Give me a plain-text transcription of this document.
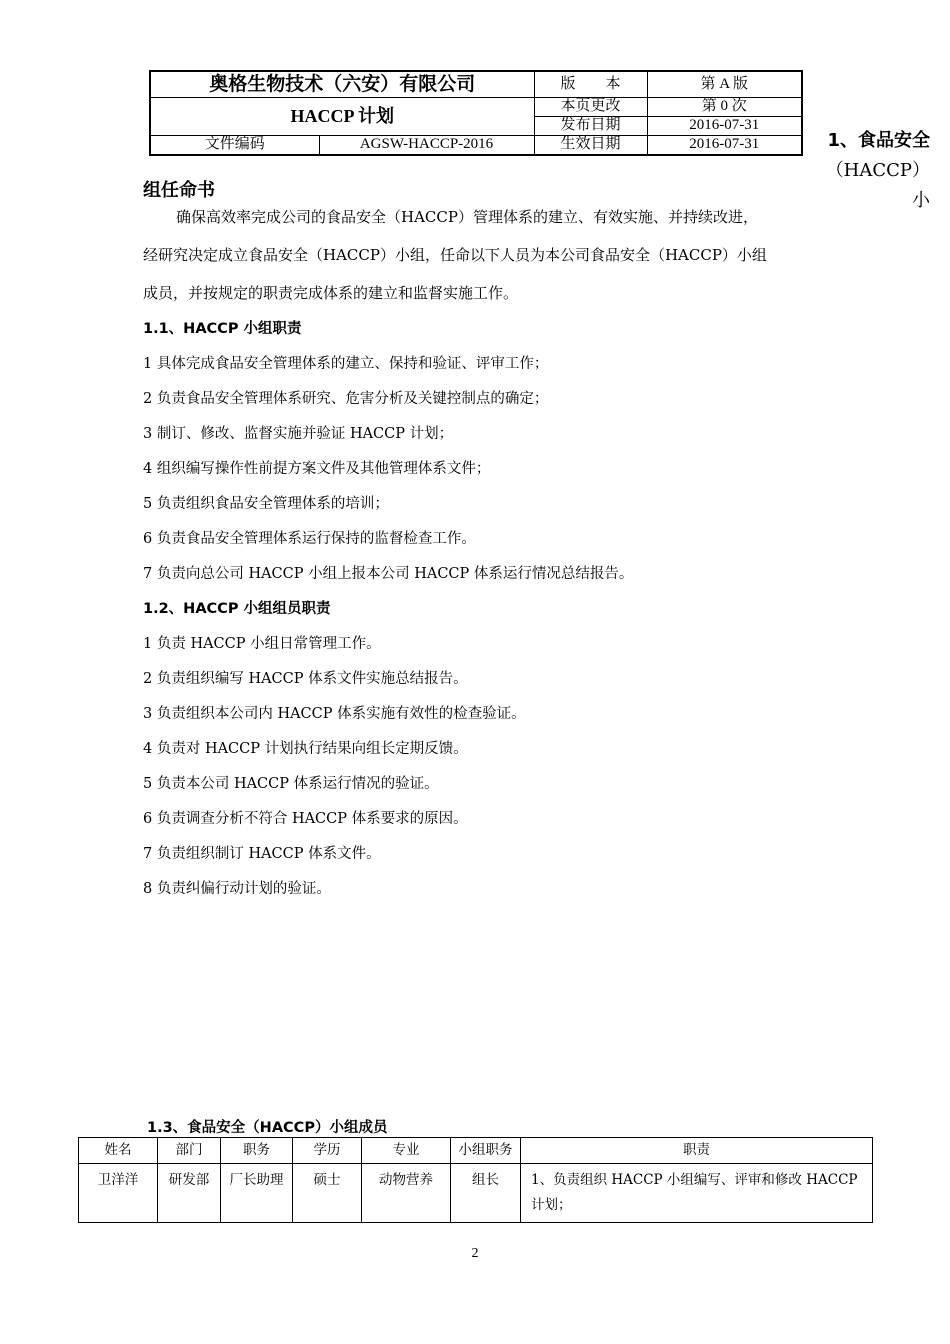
奥格生物技术（六安）有限公司		版　　本	第 A 版
HACCP 计划		本页更改	第 0 次
		发布日期	2016-07-31
文件编码	AGSW-HACCP-2016	生效日期	2016-07-31	1、食品安全
（HACCP）小
组任命书
确保高效率完成公司的食品安全（HACCP）管理体系的建立、有效实施、并持续改进，
经研究决定成立食品安全（HACCP）小组，任命以下人员为本公司食品安全（HACCP）小组
成员，并按规定的职责完成体系的建立和监督实施工作。
1.1、HACCP 小组职责
1 具体完成食品安全管理体系的建立、保持和验证、评审工作；
2 负责食品安全管理体系研究、危害分析及关键控制点的确定；
3 制订、修改、监督实施并验证 HACCP 计划；
4 组织编写操作性前提方案文件及其他管理体系文件；
5 负责组织食品安全管理体系的培训；
6 负责食品安全管理体系运行保持的监督检查工作。
7 负责向总公司 HACCP 小组上报本公司 HACCP 体系运行情况总结报告。
1.2、HACCP 小组组员职责
1 负责 HACCP 小组日常管理工作。
2 负责组织编写 HACCP 体系文件实施总结报告。
3 负责组织本公司内 HACCP 体系实施有效性的检查验证。
4 负责对 HACCP 计划执行结果向组长定期反馈。
5 负责本公司 HACCP 体系运行情况的验证。
6 负责调查分析不符合 HACCP 体系要求的原因。
7 负责组织制订 HACCP 体系文件。
8 负责纠偏行动计划的验证。
1.3、食品安全（HACCP）小组成员
姓名	部门	职务	学历	专业	小组职务	职责
卫洋洋	研发部	厂长助理	硕士	动物营养	组长	1、负责组织 HACCP 小组编写、评审和修改 HACCP 计划；
2
